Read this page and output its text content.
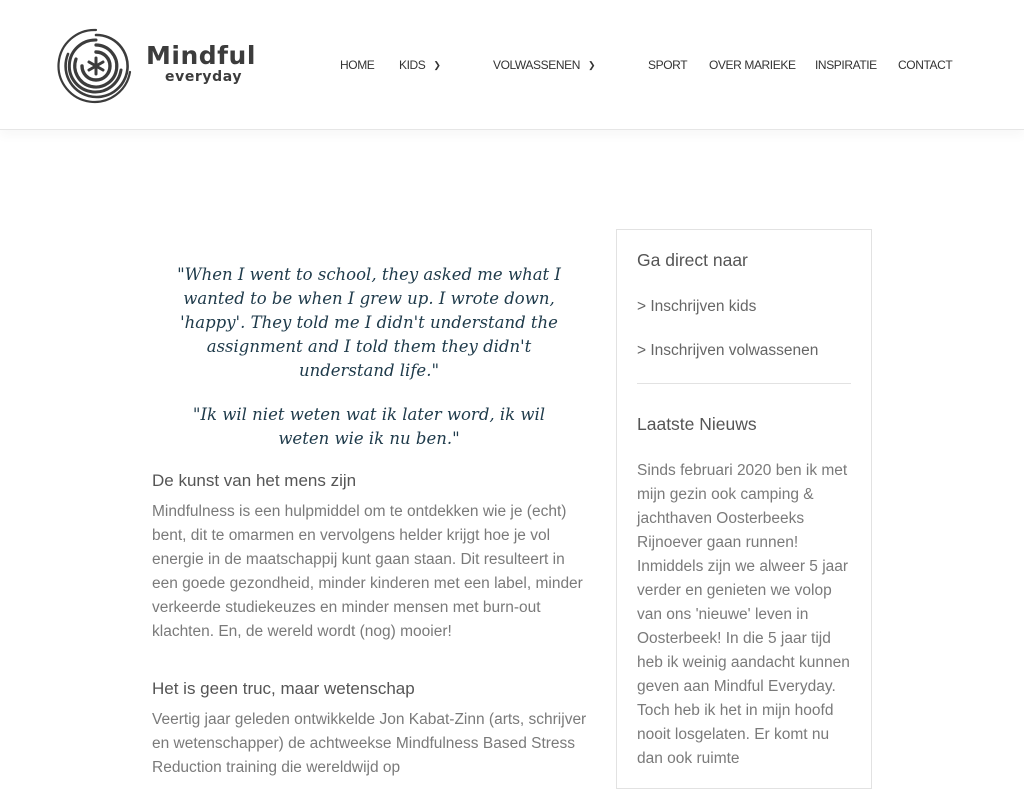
Mindful
everyday
HOME KIDS ❯	VOLWASSENEN ❯	SPORT OVER MARIEKE INSPIRATIE CONTACT
"When I went to school, they asked me what I wanted to be when I grew up. I wrote down, 'happy'. They told me I didn't understand the assignment and I told them they didn't understand life."
"Ik wil niet weten wat ik later word, ik wil weten wie ik nu ben."
De kunst van het mens zijn
Mindfulness is een hulpmiddel om te ontdekken wie je (echt) bent, dit te omarmen en vervolgens helder krijgt hoe je vol energie in de maatschappij kunt gaan staan. Dit resulteert in een goede gezondheid, minder kinderen met een label, minder verkeerde studiekeuzes en minder mensen met burn-out klachten. En, de wereld wordt (nog) mooier!
Het is geen truc, maar wetenschap
Veertig jaar geleden ontwikkelde Jon Kabat-Zinn (arts, schrijver en wetenschapper) de achtweekse Mindfulness Based Stress Reduction training die wereldwijd op
Ga direct naar
> Inschrijven kids
> Inschrijven volwassenen
Laatste Nieuws
Sinds februari 2020 ben ik met mijn gezin ook camping & jachthaven Oosterbeeks Rijnoever gaan runnen! Inmiddels zijn we alweer 5 jaar verder en genieten we volop van ons 'nieuwe' leven in Oosterbeek! In die 5 jaar tijd heb ik weinig aandacht kunnen geven aan Mindful Everyday. Toch heb ik het in mijn hoofd nooit losgelaten. Er komt nu dan ook ruimte
